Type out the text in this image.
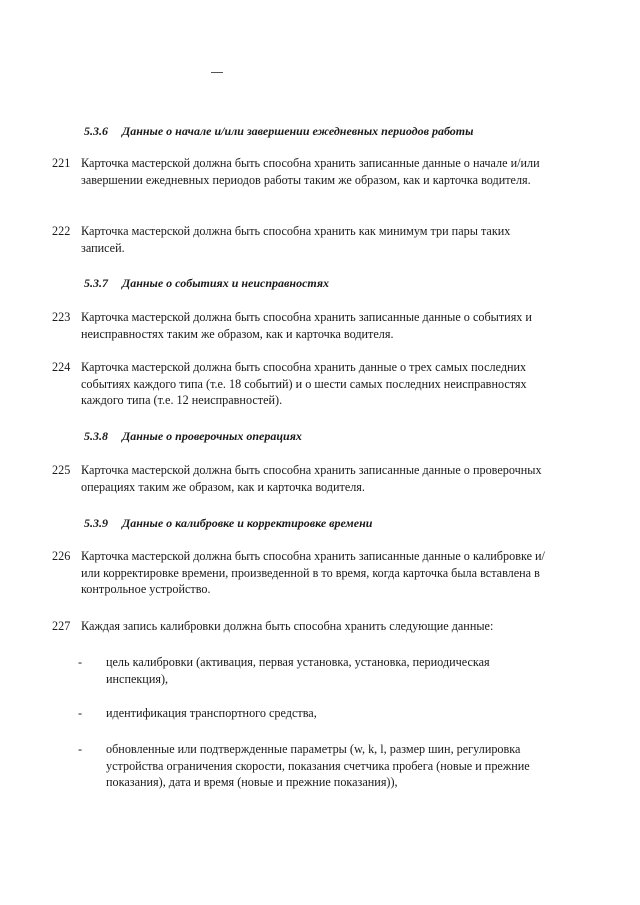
5.3.6 Данные о начале и/или завершении ежедневных периодов работы
221 Карточка мастерской должна быть способна хранить записанные данные о начале и/или завершении ежедневных периодов работы таким же образом, как и карточка водителя.
222 Карточка мастерской должна быть способна хранить как минимум три пары таких записей.
5.3.7 Данные о событиях и неисправностях
223 Карточка мастерской должна быть способна хранить записанные данные о событиях и неисправностях таким же образом, как и карточка водителя.
224 Карточка мастерской должна быть способна хранить данные о трех самых последних событиях каждого типа (т.е. 18 событий) и о шести самых последних неисправностях каждого типа (т.е. 12 неисправностей).
5.3.8 Данные о проверочных операциях
225 Карточка мастерской должна быть способна хранить записанные данные о проверочных операциях таким же образом, как и карточка водителя.
5.3.9 Данные о калибровке и корректировке времени
226 Карточка мастерской должна быть способна хранить записанные данные о калибровке и/или корректировке времени, произведенной в то время, когда карточка была вставлена в контрольное устройство.
227 Каждая запись калибровки должна быть способна хранить следующие данные:
- цель калибровки (активация, первая установка, установка, периодическая инспекция),
- идентификация транспортного средства,
- обновленные или подтвержденные параметры (w, k, l, размер шин, регулировка устройства ограничения скорости, показания счетчика пробега (новые и прежние показания), дата и время (новые и прежние показания)),
